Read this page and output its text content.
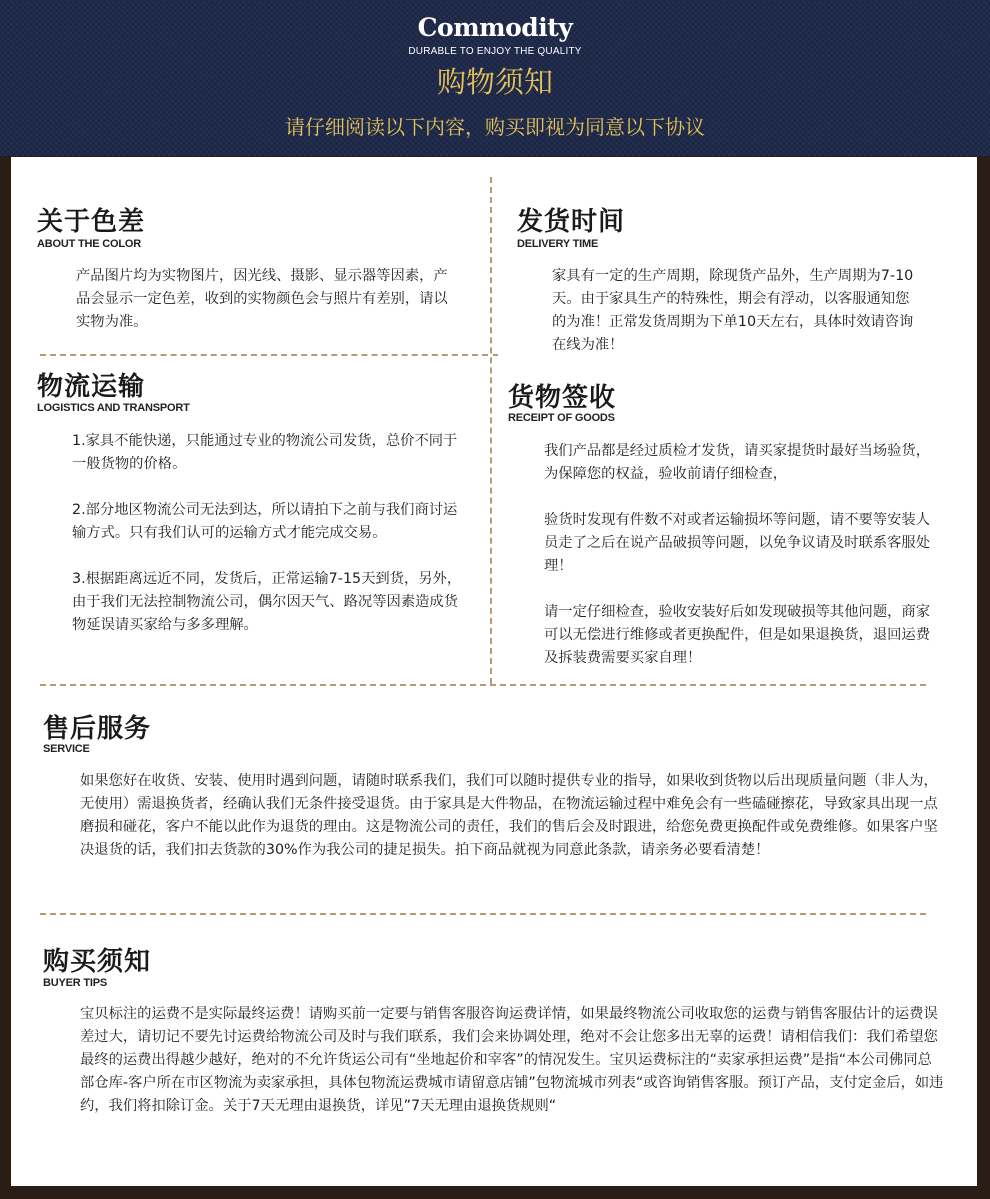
Commodity
DURABLE TO ENJOY THE QUALITY
购物须知
请仔细阅读以下内容，购买即视为同意以下协议
关于色差
ABOUT THE COLOR

产品图片均为实物图片，因光线、摄影、显示器等因素，产品会显示一定色差，收到的实物颜色会与照片有差别，请以实物为准。

发货时间
DELIVERY TIME

家具有一定的生产周期，除现货产品外，生产周期为7-10天。由于家具生产的特殊性，期会有浮动，以客服通知您的为准！正常发货周期为下单10天左右，具体时效请咨询在线为准！

物流运输
LOGISTICS AND TRANSPORT

1.家具不能快递，只能通过专业的物流公司发货，总价不同于一般货物的价格。

2.部分地区物流公司无法到达，所以请拍下之前与我们商讨运输方式。只有我们认可的运输方式才能完成交易。

3.根据距离远近不同，发货后，正常运输7-15天到货，另外，由于我们无法控制物流公司，偶尔因天气、路况等因素造成货物延误请买家给与多多理解。

货物签收
RECEIPT OF GOODS

我们产品都是经过质检才发货，请买家提货时最好当场验货，为保障您的权益，验收前请仔细检查，

验货时发现有件数不对或者运输损坏等问题，请不要等安装人员走了之后在说产品破损等问题，以免争议请及时联系客服处理！

请一定仔细检查，验收安装好后如发现破损等其他问题，商家可以无偿进行维修或者更换配件，但是如果退换货，退回运费及拆装费需要买家自理！

售后服务
SERVICE

如果您好在收货、安装、使用时遇到问题，请随时联系我们，我们可以随时提供专业的指导，如果收到货物以后出现质量问题（非人为，无使用）需退换货者，经确认我们无条件接受退货。由于家具是大件物品，在物流运输过程中难免会有一些磕碰擦花，导致家具出现一点磨损和碰花，客户不能以此作为退货的理由。这是物流公司的责任，我们的售后会及时跟进，给您免费更换配件或免费维修。如果客户坚决退货的话，我们扣去货款的30%作为我公司的捷足损失。拍下商品就视为同意此条款，请亲务必要看清楚！

购买须知
BUYER TIPS

宝贝标注的运费不是实际最终运费！请购买前一定要与销售客服咨询运费详情，如果最终物流公司收取您的运费与销售客服估计的运费误差过大，请切记不要先讨运费给物流公司及时与我们联系，我们会来协调处理，绝对不会让您多出无辜的运费！请相信我们：我们希望您最终的运费出得越少越好，绝对的不允许货运公司有“坐地起价和宰客”的情况发生。宝贝运费标注的“卖家承担运费”是指“本公司佛同总部仓库-客户所在市区物流为卖家承担，具体包物流运费城市请留意店铺”包物流城市列表“或咨询销售客服。预订产品，支付定金后，如违约，我们将扣除订金。关于7天无理由退换货，详见”7天无理由退换货规则“
